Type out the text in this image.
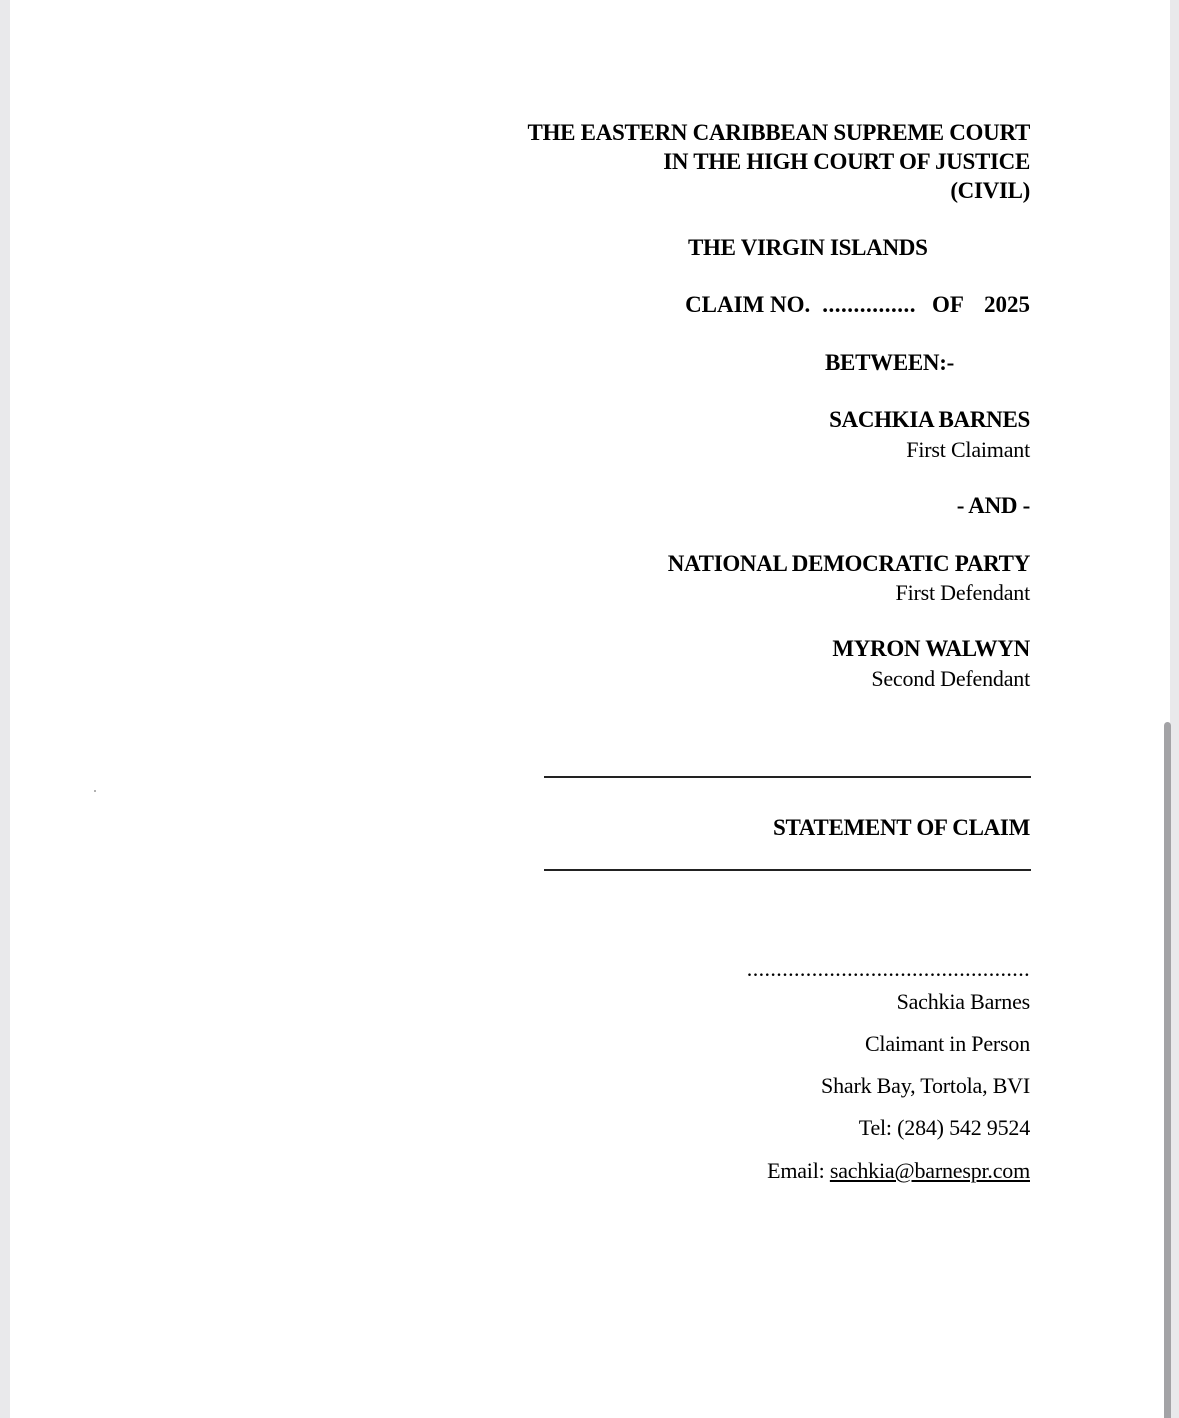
THE EASTERN CARIBBEAN SUPREME COURT
IN THE HIGH COURT OF JUSTICE
(CIVIL)
THE VIRGIN ISLANDS
CLAIM NO. ............... OF 2025
BETWEEN:-
SACHKIA BARNES
First Claimant
- AND -
NATIONAL DEMOCRATIC PARTY
First Defendant
MYRON WALWYN
Second Defendant
STATEMENT OF CLAIM
................................................
Sachkia Barnes
Claimant in Person
Shark Bay, Tortola, BVI
Tel: (284) 542 9524
Email: sachkia@barnespr.com
